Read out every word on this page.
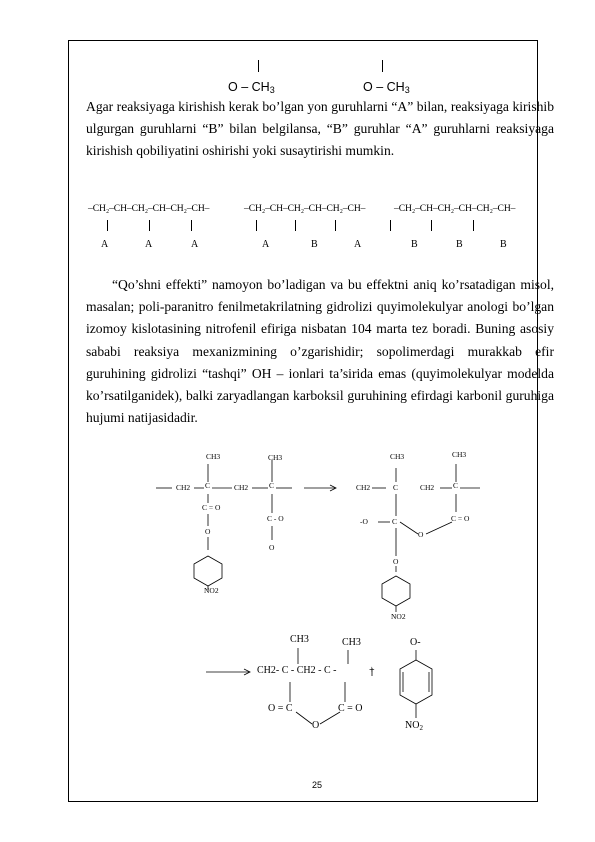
O – CH3	O – CH3
Agar reaksiyaga kirishish kerak bo’lgan yon guruhlarni “A” bilan, reaksiyaga kirishib ulgurgan guruhlarni “B” bilan belgilansa, “B” guruhlar “A” guruhlarni reaksiyaga kirishish qobiliyatini oshirishi yoki susaytirishi mumkin.
–CH₂–CH–CH₂–CH–CH₂–CH–	–CH₂–CH–CH₂–CH–CH₂–CH–	–CH₂–CH–CH₂–CH–CH₂–CH–
A	A	A	A	B	A	B	B	B
“Qo’shni effekti” namoyon bo’ladigan va bu effektni aniq ko’rsatadigan misol, masalan; poli-paranitro fenilmetakrilatning gidrolizi quyimolekulyar anologi bo’lgan izomoy kislotasining nitrofenil efiriga nisbatan 104 marta tez boradi. Buning asosiy sababi reaksiya mexanizmining o’zgarishidir; sopolimerdagi murakkab efir guruhining gidrolizi “tashqi” OH – ionlari ta’sirida emas (quyimolekulyar modelda ko’rsatilganidek), balki zaryadlangan karboksil guruhining efirdagi karbonil guruhiga hujumi natijasidadir.
CH3	CH3
CH2 C	CH2	C
C = O
O
C - O
O
NO2
CH3	CH3
CH2	C	CH2	C
-O	C
O
C = O
O
NO2
CH3	CH3
CH2- C - CH2 - C -	+
O = C	C = O
O
O-
$NO_2$
25
